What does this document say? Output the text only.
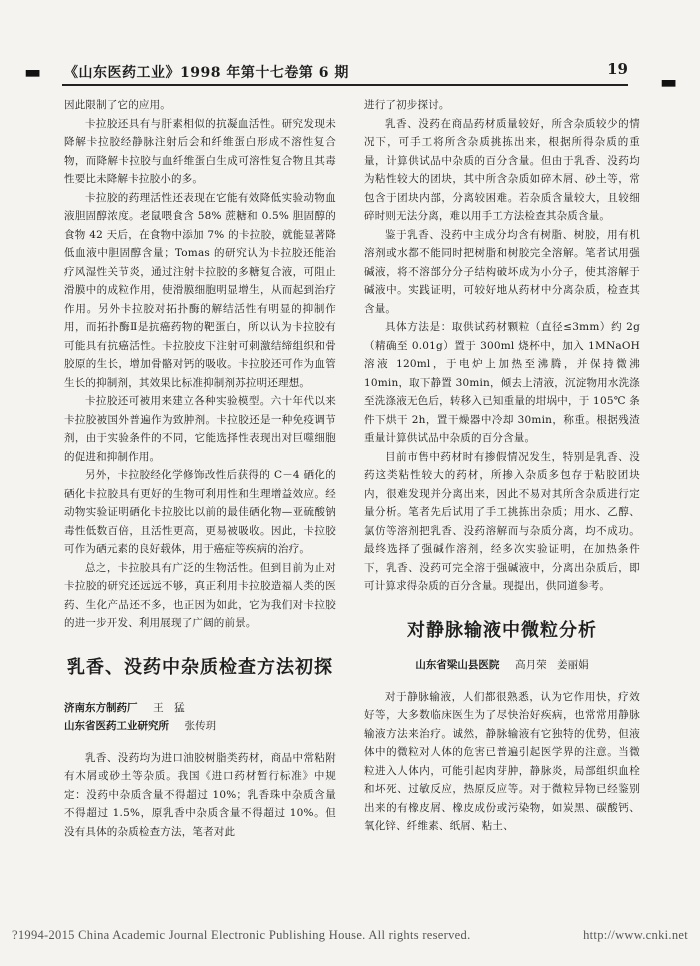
▬	▬
《山东医药工业》1998 年第十七卷第 6 期	19

因此限制了它的应用。

卡拉胶还具有与肝素相似的抗凝血活性。研究发现未降解卡拉胶经静脉注射后会和纤维蛋白形成不溶性复合物，而降解卡拉胶与血纤维蛋白生成可溶性复合物且其毒性要比未降解卡拉胶小的多。

卡拉胶的药理活性还表现在它能有效降低实验动物血液胆固醇浓度。老鼠喂食含 58% 蔗糖和 0.5% 胆固醇的食物 42 天后，在食物中添加 7% 的卡拉胶，就能显著降低血液中胆固醇含量；Tomas 的研究认为卡拉胶还能治疗风湿性关节炎，通过注射卡拉胶的多糖复合液，可阻止滑膜中的成粒作用，使滑膜细胞明显增生，从而起到治疗作用。另外卡拉胶对拓扑酶的解结活性有明显的抑制作用，而拓扑酶Ⅱ是抗癌药物的靶蛋白，所以认为卡拉胶有可能具有抗癌活性。卡拉胶皮下注射可刺激结缔组织和骨胶原的生长，增加骨骼对钙的吸收。卡拉胶还可作为血管生长的抑制剂，其效果比标准抑制剂苏拉明还理想。

卡拉胶还可被用来建立各种实验模型。六十年代以来卡拉胶被国外普遍作为致肿剂。卡拉胶还是一种免疫调节剂，由于实验条件的不同，它能选择性表现出对巨噬细胞的促进和抑制作用。

另外，卡拉胶经化学修饰改性后获得的 C－4 硒化的硒化卡拉胶具有更好的生物可利用性和生理增益效应。经动物实验证明硒化卡拉胶比以前的最佳硒化物—亚硫酸钠毒性低数百倍，且活性更高，更易被吸收。因此，卡拉胶可作为硒元素的良好载体，用于癌症等疾病的治疗。

总之，卡拉胶具有广泛的生物活性。但到目前为止对卡拉胶的研究还远远不够，真正利用卡拉胶造福人类的医药、生化产品还不多，也正因为如此，它为我们对卡拉胶的进一步开发、利用展现了广阔的前景。

乳香、没药中杂质检查方法初探
济南东方制药厂 王　猛
山东省医药工业研究所 张传玥

乳香、没药均为进口油胶树脂类药材，商品中常粘附有木屑或砂土等杂质。我国《进口药材暂行标准》中规定：没药中杂质含量不得超过 10%；乳香珠中杂质含量不得超过 1.5%，原乳香中杂质含量不得超过 10%。但没有具体的杂质检查方法，笔者对此

进行了初步探讨。

乳香、没药在商品药材质量较好，所含杂质较少的情况下，可手工将所含杂质挑拣出来，根据所得杂质的重量，计算供试品中杂质的百分含量。但由于乳香、没药均为粘性较大的团块，其中所含杂质如碎木屑、砂土等，常包含于团块内部，分离较困难。若杂质含量较大，且较细碎时则无法分离，难以用手工方法检查其杂质含量。

鉴于乳香、没药中主成分均含有树脂、树胶，用有机溶剂或水都不能同时把树脂和树胶完全溶解。笔者试用强碱液，将不溶部分分子结构破坏成为小分子，使其溶解于碱液中。实践证明，可较好地从药材中分离杂质，检查其含量。

具体方法是：取供试药材颗粒（直径≤3mm）约 2g（精确至 0.01g）置于 300ml 烧杯中，加入 1MNaOH 溶液 120ml，于电炉上加热至沸腾，并保持微沸 10min，取下静置 30min，倾去上清液，沉淀物用水洗涤至洗涤液无色后，转移入已知重量的坩埚中，于 105℃ 条件下烘干 2h，置干燥器中冷却 30min，称重。根据残渣重量计算供试品中杂质的百分含量。

目前市售中药材时有掺假情况发生，特别是乳香、没药这类粘性较大的药材，所掺入杂质多包存于粘胶团块内，很难发现并分离出来，因此不易对其所含杂质进行定量分析。笔者先后试用了手工挑拣出杂质；用水、乙醇、氯仿等溶剂把乳香、没药溶解而与杂质分离，均不成功。最终选择了强碱作溶剂，经多次实验证明，在加热条件下，乳香、没药可完全溶于强碱液中，分离出杂质后，即可计算求得杂质的百分含量。现提出，供同道参考。

对静脉输液中微粒分析
山东省梁山县医院 高月荣　姜丽娟

对于静脉输液，人们都很熟悉，认为它作用快，疗效好等，大多数临床医生为了尽快治好疾病，也常常用静脉输液方法来治疗。诚然，静脉输液有它独特的优势，但液体中的微粒对人体的危害已普遍引起医学界的注意。当微粒进入人体内，可能引起肉芽肿，静脉炎，局部组织血栓和坏死、过敏反应，热原反应等。对于微粒异物已经鉴别出来的有橡皮屑、橡皮成份或污染物，如炭黑、碳酸钙、氧化锌、纤维素、纸屑、粘土、

?1994-2015 China Academic Journal Electronic Publishing House. All rights reserved.	http://www.cnki.net
